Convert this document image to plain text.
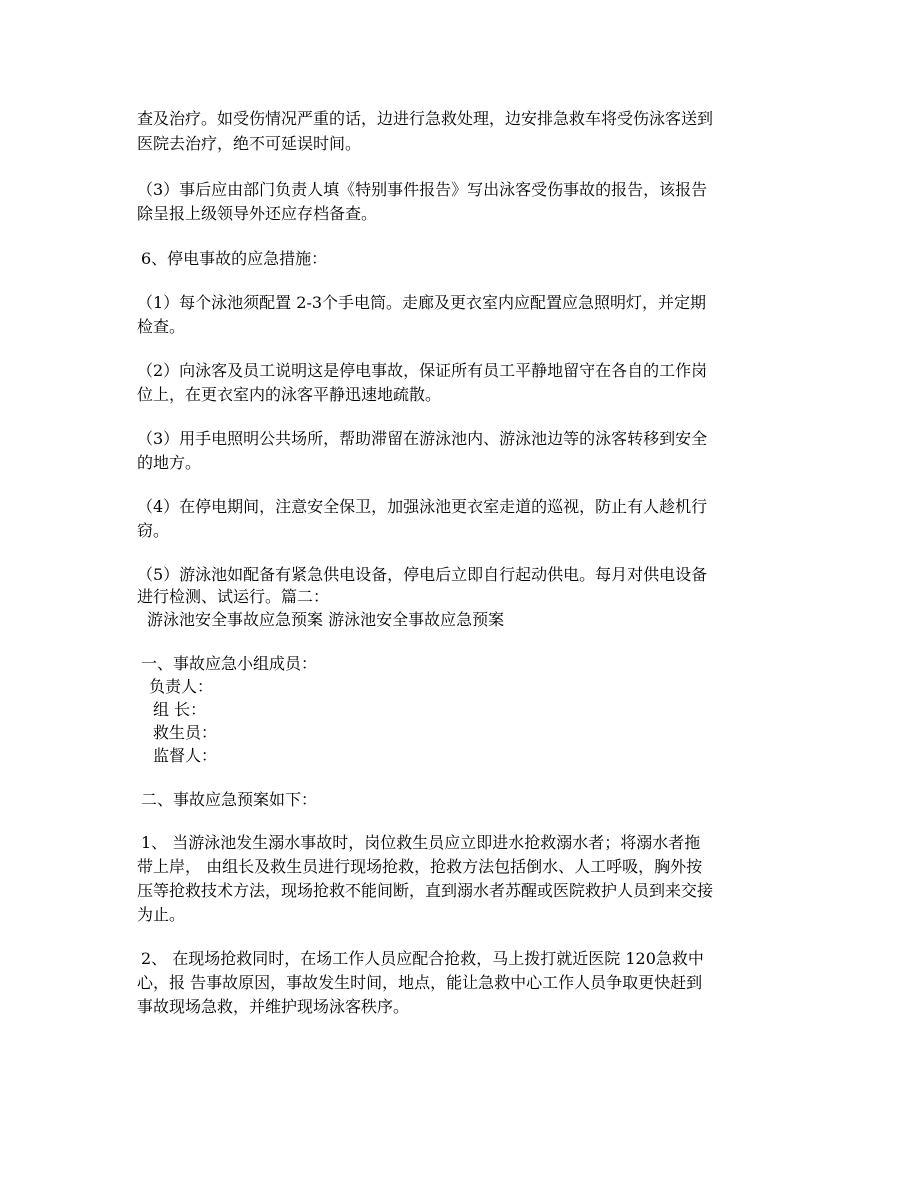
查及治疗。如受伤情况严重的话，边进行急救处理，边安排急救车将受伤泳客送到
医院去治疗，绝不可延误时间。
（3）事后应由部门负责人填《特别事件报告》写出泳客受伤事故的报告，该报告
除呈报上级领导外还应存档备查。
6、停电事故的应急措施：
（1）每个泳池须配置 2-3个手电筒。走廊及更衣室内应配置应急照明灯，并定期
检查。
（2）向泳客及员工说明这是停电事故，保证所有员工平静地留守在各自的工作岗
位上，在更衣室内的泳客平静迅速地疏散。
（3）用手电照明公共场所，帮助滞留在游泳池内、游泳池边等的泳客转移到安全
的地方。
（4）在停电期间，注意安全保卫，加强泳池更衣室走道的巡视，防止有人趁机行
窃。
（5）游泳池如配备有紧急供电设备，停电后立即自行起动供电。每月对供电设备
进行检测、试运行。篇二：
游泳池安全事故应急预案 游泳池安全事故应急预案
一、事故应急小组成员：
负责人：
组 长：
救生员：
监督人：
二、事故应急预案如下：
1、 当游泳池发生溺水事故时，岗位救生员应立即进水抢救溺水者；将溺水者拖
带上岸， 由组长及救生员进行现场抢救，抢救方法包括倒水、人工呼吸，胸外按
压等抢救技术方法，现场抢救不能间断，直到溺水者苏醒或医院救护人员到来交接
为止。
2、 在现场抢救同时，在场工作人员应配合抢救，马上拨打就近医院 120急救中
心，报 告事故原因，事故发生时间，地点，能让急救中心工作人员争取更快赶到
事故现场急救，并维护现场泳客秩序。
